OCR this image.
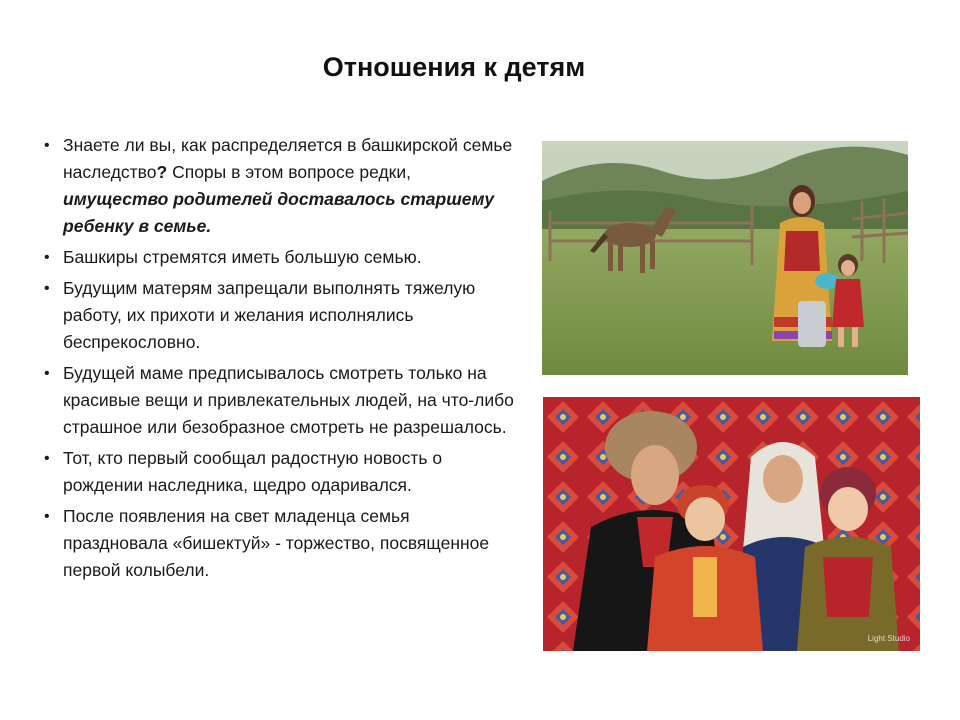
Отношения к детям
• Знаете ли вы, как распределяется в башкирской семье наследство? Споры в этом вопросе редки, имущество родителей доставалось старшему ребенку в семье.
• Башкиры стремятся иметь большую семью.
• Будущим матерям запрещали выполнять тяжелую работу, их прихоти и желания исполнялись беспрекословно.
• Будущей маме предписывалось смотреть только на красивые вещи и привлекательных людей, на что-либо страшное или безобразное смотреть не разрешалось.
• Тот, кто первый сообщал радостную новость о рождении наследника, щедро одаривался.
• После появления на свет младенца семья праздновала «бишектуй» - торжество, посвященное первой колыбели.
Light Studio
